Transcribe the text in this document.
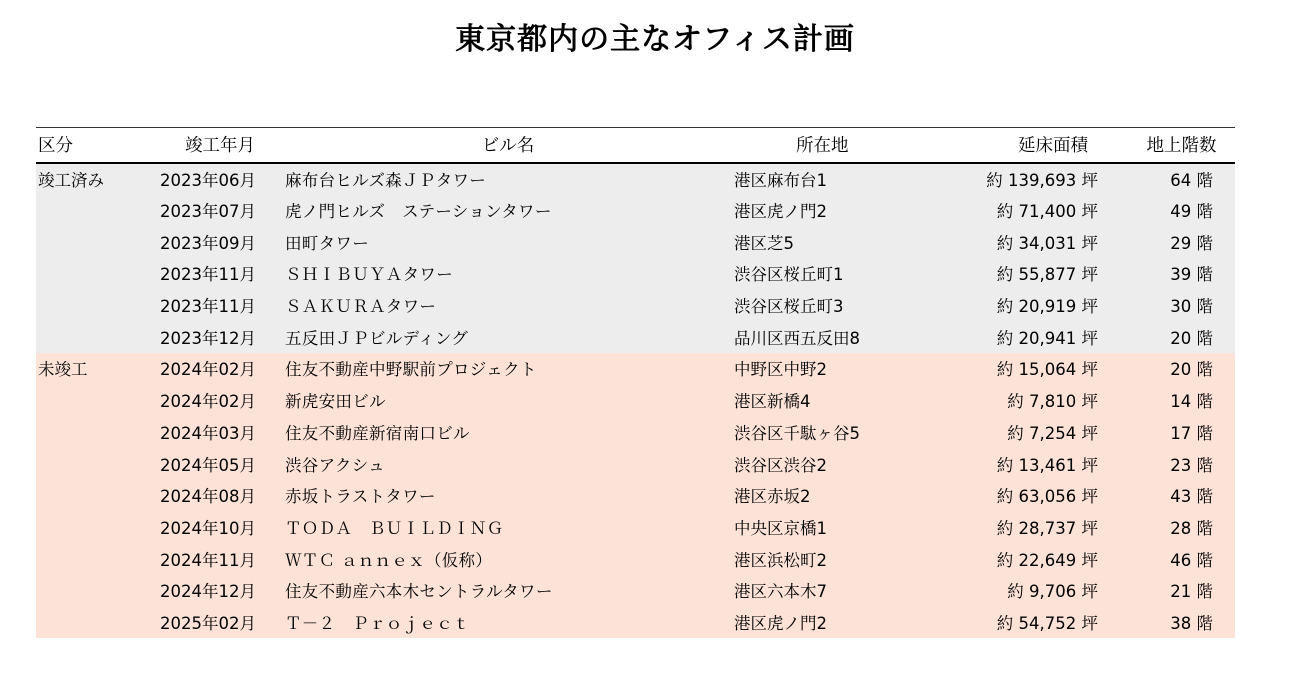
東京都内の主なオフィス計画
区分	竣工年月	ビル名	所在地	延床面積	地上階数
竣工済み	2023年06月	麻布台ヒルズ森ＪＰタワー	港区麻布台1	約 139,693 坪	64 階
	2023年07月	虎ノ門ヒルズ　ステーションタワー	港区虎ノ門2	約 71,400 坪	49 階
	2023年09月	田町タワー	港区芝5	約 34,031 坪	29 階
	2023年11月	ＳＨＩＢＵＹＡタワー	渋谷区桜丘町1	約 55,877 坪	39 階
	2023年11月	ＳＡＫＵＲＡタワー	渋谷区桜丘町3	約 20,919 坪	30 階
	2023年12月	五反田ＪＰビルディング	品川区西五反田8	約 20,941 坪	20 階
未竣工	2024年02月	住友不動産中野駅前プロジェクト	中野区中野2	約 15,064 坪	20 階
	2024年02月	新虎安田ビル	港区新橋4	約 7,810 坪	14 階
	2024年03月	住友不動産新宿南口ビル	渋谷区千駄ヶ谷5	約 7,254 坪	17 階
	2024年05月	渋谷アクシュ	渋谷区渋谷2	約 13,461 坪	23 階
	2024年08月	赤坂トラストタワー	港区赤坂2	約 63,056 坪	43 階
	2024年10月	ＴＯＤＡ　ＢＵＩＬＤＩＮＧ	中央区京橋1	約 28,737 坪	28 階
	2024年11月	ＷＴＣ ａｎｎｅｘ（仮称）	港区浜松町2	約 22,649 坪	46 階
	2024年12月	住友不動産六本木セントラルタワー	港区六本木7	約 9,706 坪	21 階
	2025年02月	Ｔ－２　Ｐｒｏｊｅｃｔ	港区虎ノ門2	約 54,752 坪	38 階
